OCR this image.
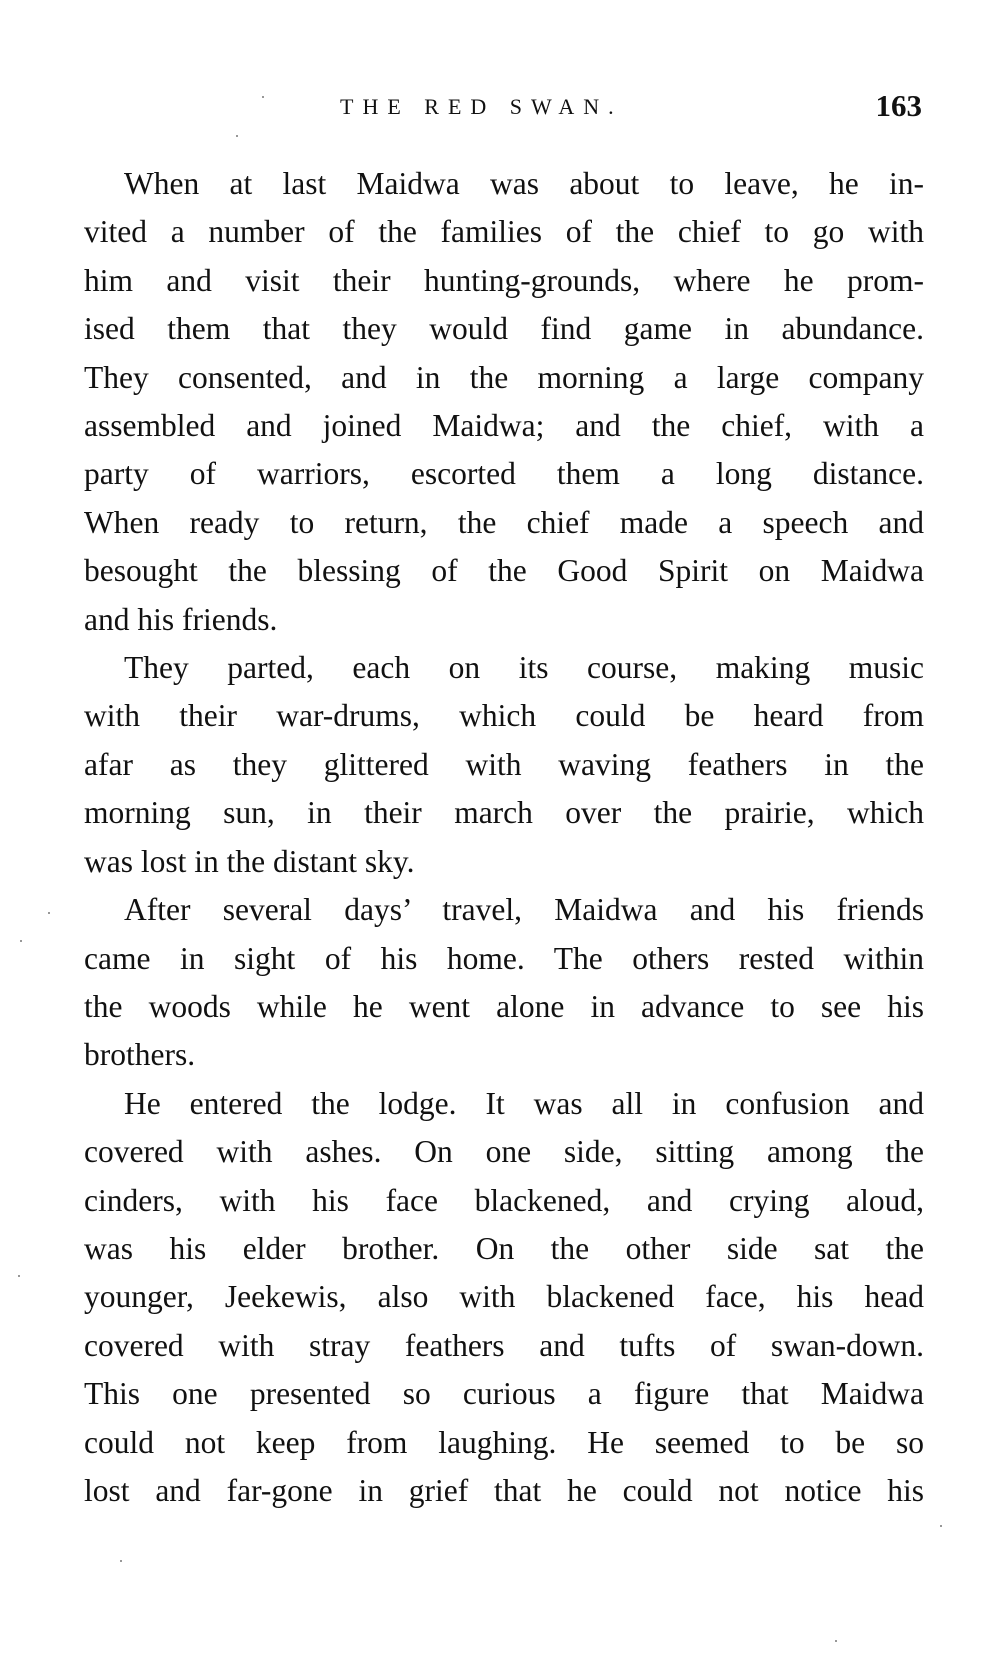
THE RED SWAN.	163

When at last Maidwa was about to leave, he in-
vited a number of the families of the chief to go with
him and visit their hunting-grounds, where he prom-
ised them that they would find game in abundance.
They consented, and in the morning a large company
assembled and joined Maidwa; and the chief, with a
party of warriors, escorted them a long distance.
When ready to return, the chief made a speech and
besought the blessing of the Good Spirit on Maidwa
and his friends.

They parted, each on its course, making music
with their war-drums, which could be heard from
afar as they glittered with waving feathers in the
morning sun, in their march over the prairie, which
was lost in the distant sky.

After several days’ travel, Maidwa and his friends
came in sight of his home. The others rested within
the woods while he went alone in advance to see his
brothers.

He entered the lodge. It was all in confusion and
covered with ashes. On one side, sitting among the
cinders, with his face blackened, and crying aloud,
was his elder brother. On the other side sat the
younger, Jeekewis, also with blackened face, his head
covered with stray feathers and tufts of swan-down.
This one presented so curious a figure that Maidwa
could not keep from laughing. He seemed to be so
lost and far-gone in grief that he could not notice his
